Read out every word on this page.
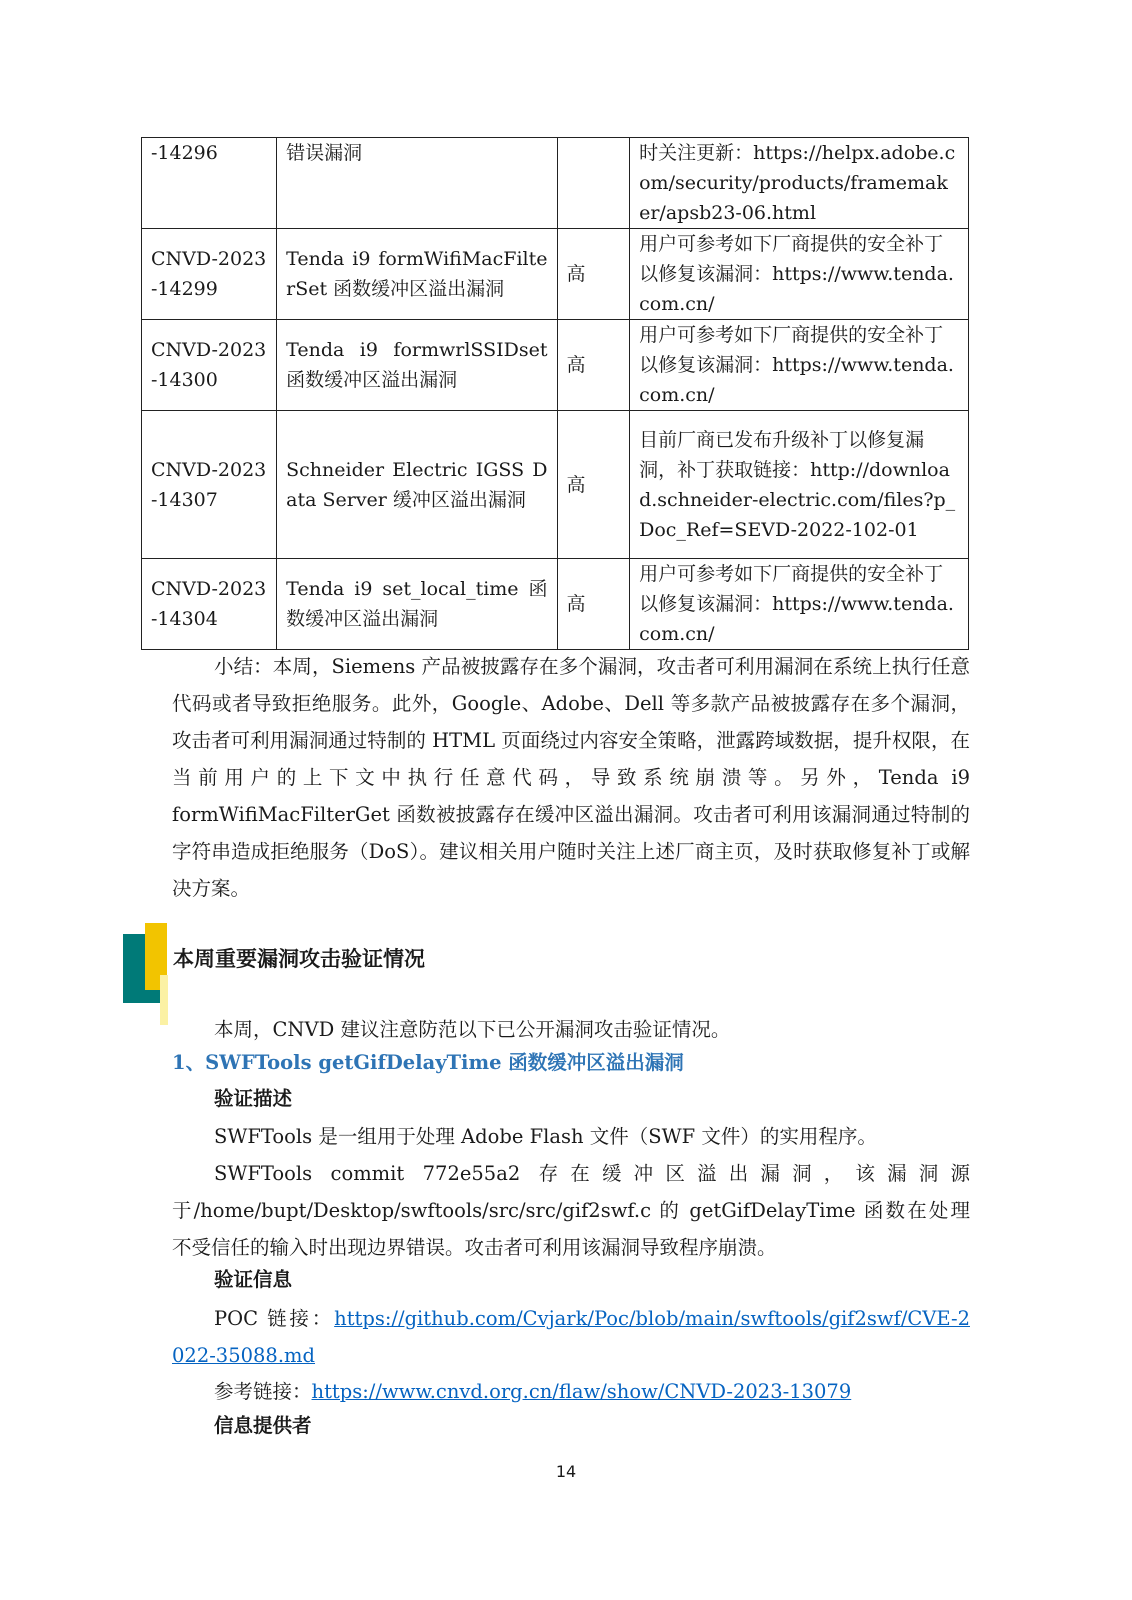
-14296	错误漏洞		时关注更新：https://helpx.adobe.com/security/products/framemaker/apsb23-06.html
CNVD-2023-14299	Tenda i9 formWifiMacFilterSet 函数缓冲区溢出漏洞	高	用户可参考如下厂商提供的安全补丁以修复该漏洞：https://www.tenda.com.cn/
CNVD-2023-14300	Tenda i9 formwrlSSIDset 函数缓冲区溢出漏洞	高	用户可参考如下厂商提供的安全补丁以修复该漏洞：https://www.tenda.com.cn/
CNVD-2023-14307	Schneider Electric IGSS Data Server 缓冲区溢出漏洞	高	目前厂商已发布升级补丁以修复漏洞，补丁获取链接：http://download.schneider-electric.com/files?p_Doc_Ref=SEVD-2022-102-01
CNVD-2023-14304	Tenda i9 set_local_time 函数缓冲区溢出漏洞	高	用户可参考如下厂商提供的安全补丁以修复该漏洞：https://www.tenda.com.cn/
小结：本周，Siemens 产品被披露存在多个漏洞，攻击者可利用漏洞在系统上执行任意代码或者导致拒绝服务。此外，Google、Adobe、Dell 等多款产品被披露存在多个漏洞，攻击者可利用漏洞通过特制的 HTML 页面绕过内容安全策略，泄露跨域数据，提升权限，在当前用户的上下文中执行任意代码，导致系统崩溃等。另外，Tenda i9 formWifiMacFilterGet 函数被披露存在缓冲区溢出漏洞。攻击者可利用该漏洞通过特制的字符串造成拒绝服务（DoS）。建议相关用户随时关注上述厂商主页，及时获取修复补丁或解决方案。
本周重要漏洞攻击验证情况
本周，CNVD 建议注意防范以下已公开漏洞攻击验证情况。
1、SWFTools getGifDelayTime 函数缓冲区溢出漏洞
验证描述
SWFTools 是一组用于处理 Adobe Flash 文件（SWF 文件）的实用程序。
SWFTools commit 772e55a2 存在缓冲区溢出漏洞，该漏洞源于/home/bupt/Desktop/swftools/src/src/gif2swf.c 的 getGifDelayTime 函数在处理不受信任的输入时出现边界错误。攻击者可利用该漏洞导致程序崩溃。
验证信息
POC 链接：https://github.com/Cvjark/Poc/blob/main/swftools/gif2swf/CVE-2022-35088.md
参考链接：https://www.cnvd.org.cn/flaw/show/CNVD-2023-13079
信息提供者
14
